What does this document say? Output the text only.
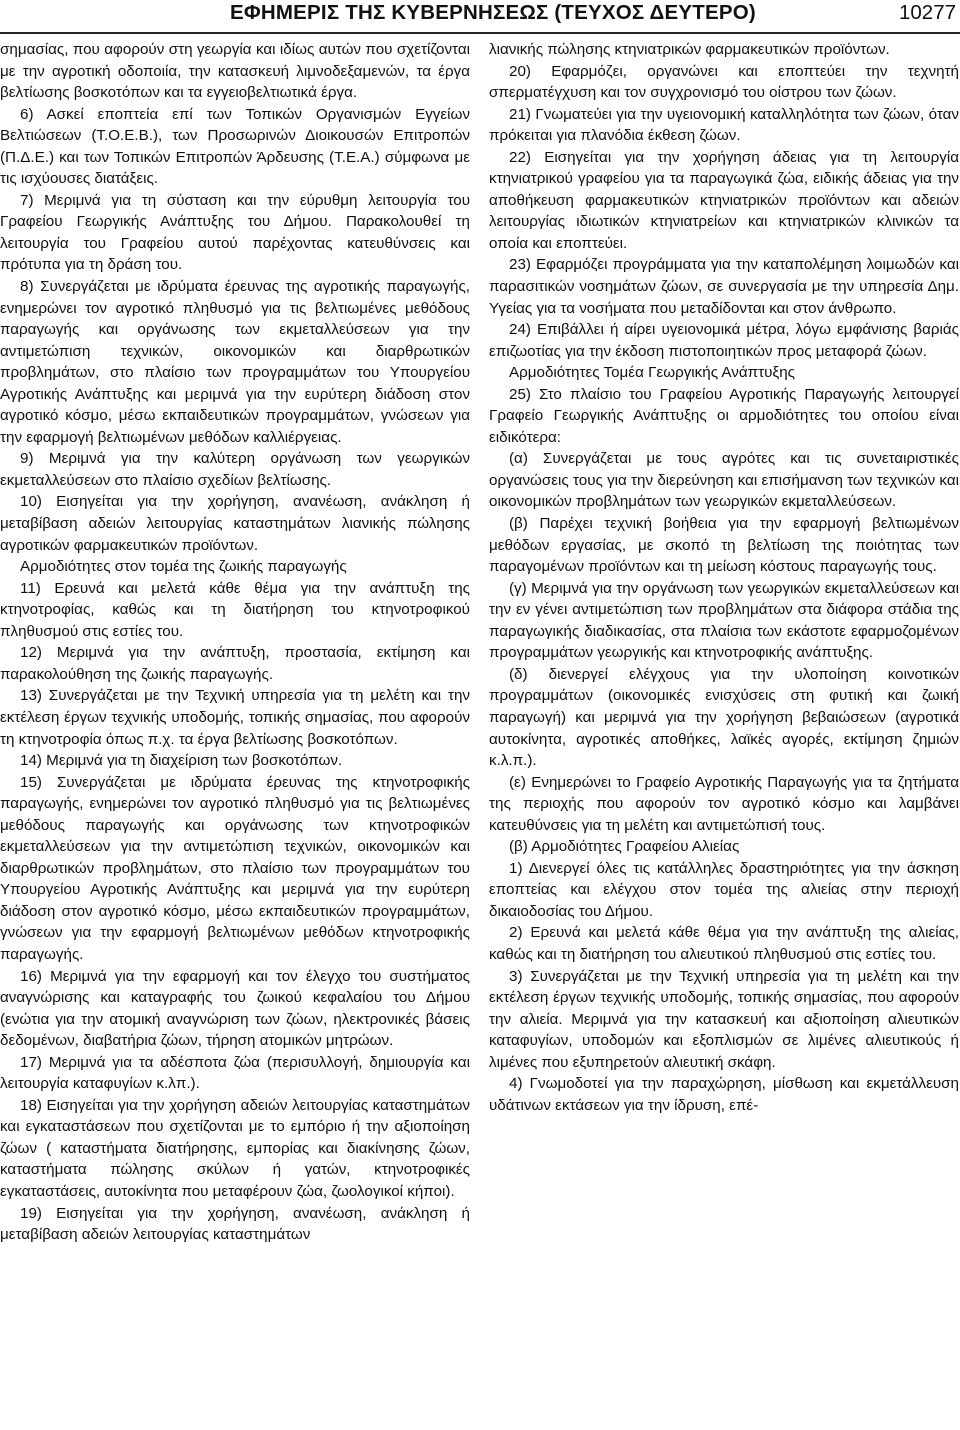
ΕΦΗΜΕΡΙΣ ΤΗΣ ΚΥΒΕΡΝΗΣΕΩΣ (ΤΕΥΧΟΣ ΔΕΥΤΕΡΟ)	10277

σημασίας, που αφορούν στη γεωργία και ιδίως αυτών που σχετίζονται με την αγροτική οδοποιία, την κατασκευή λιμνοδεξαμενών, τα έργα βελτίωσης βοσκοτόπων και τα εγγειοβελτιωτικά έργα.

6) Ασκεί εποπτεία επί των Τοπικών Οργανισμών Εγγείων Βελτιώσεων (Τ.Ο.Ε.Β.), των Προσωρινών Διοικουσών Επιτροπών (Π.Δ.Ε.) και των Τοπικών Επιτροπών Άρδευσης (Τ.Ε.Α.) σύμφωνα με τις ισχύουσες διατάξεις.

7) Μεριμνά για τη σύσταση και την εύρυθμη λειτουργία του Γραφείου Γεωργικής Ανάπτυξης του Δήμου. Παρακολουθεί τη λειτουργία του Γραφείου αυτού παρέχοντας κατευθύνσεις και πρότυπα για τη δράση του.

8) Συνεργάζεται με ιδρύματα έρευνας της αγροτικής παραγωγής, ενημερώνει τον αγροτικό πληθυσμό για τις βελτιωμένες μεθόδους παραγωγής και οργάνωσης των εκμεταλλεύσεων για την αντιμετώπιση τεχνικών, οικονομικών και διαρθρωτικών προβλημάτων, στο πλαίσιο των προγραμμάτων του Υπουργείου Αγροτικής Ανάπτυξης και μεριμνά για την ευρύτερη διάδοση στον αγροτικό κόσμο, μέσω εκπαιδευτικών προγραμμάτων, γνώσεων για την εφαρμογή βελτιωμένων μεθόδων καλλιέργειας.

9) Μεριμνά για την καλύτερη οργάνωση των γεωργικών εκμεταλλεύσεων στο πλαίσιο σχεδίων βελτίωσης.

10) Εισηγείται για την χορήγηση, ανανέωση, ανάκληση ή μεταβίβαση αδειών λειτουργίας καταστημάτων λιανικής πώλησης αγροτικών φαρμακευτικών προϊόντων.

Αρμοδιότητες στον τομέα της ζωικής παραγωγής

11) Ερευνά και μελετά κάθε θέμα για την ανάπτυξη της κτηνοτροφίας, καθώς και τη διατήρηση του κτηνοτροφικού πληθυσμού στις εστίες του.

12) Μεριμνά για την ανάπτυξη, προστασία, εκτίμηση και παρακολούθηση της ζωικής παραγωγής.

13) Συνεργάζεται με την Τεχνική υπηρεσία για τη μελέτη και την εκτέλεση έργων τεχνικής υποδομής, τοπικής σημασίας, που αφορούν τη κτηνοτροφία όπως π.χ. τα έργα βελτίωσης βοσκοτόπων.

14) Μεριμνά για τη διαχείριση των βοσκοτόπων.

15) Συνεργάζεται με ιδρύματα έρευνας της κτηνοτροφικής παραγωγής, ενημερώνει τον αγροτικό πληθυσμό για τις βελτιωμένες μεθόδους παραγωγής και οργάνωσης των κτηνοτροφικών εκμεταλλεύσεων για την αντιμετώπιση τεχνικών, οικονομικών και διαρθρωτικών προβλημάτων, στο πλαίσιο των προγραμμάτων του Υπουργείου Αγροτικής Ανάπτυξης και μεριμνά για την ευρύτερη διάδοση στον αγροτικό κόσμο, μέσω εκπαιδευτικών προγραμμάτων, γνώσεων για την εφαρμογή βελτιωμένων μεθόδων κτηνοτροφικής παραγωγής.

16) Μεριμνά για την εφαρμογή και τον έλεγχο του συστήματος αναγνώρισης και καταγραφής του ζωικού κεφαλαίου του Δήμου (ενώτια για την ατομική αναγνώριση των ζώων, ηλεκτρονικές βάσεις δεδομένων, διαβατήρια ζώων, τήρηση ατομικών μητρώων.

17) Μεριμνά για τα αδέσποτα ζώα (περισυλλογή, δημιουργία και λειτουργία καταφυγίων κ.λπ.).

18) Εισηγείται για την χορήγηση αδειών λειτουργίας καταστημάτων και εγκαταστάσεων που σχετίζονται με το εμπόριο ή την αξιοποίηση ζώων ( καταστήματα διατήρησης, εμπορίας και διακίνησης ζώων, καταστήματα πώλησης σκύλων ή γατών, κτηνοτροφικές εγκαταστάσεις, αυτοκίνητα που μεταφέρουν ζώα, ζωολογικοί κήποι).

19) Εισηγείται για την χορήγηση, ανανέωση, ανάκληση ή μεταβίβαση αδειών λειτουργίας καταστημάτων

λιανικής πώλησης κτηνιατρικών φαρμακευτικών προϊόντων.

20) Εφαρμόζει, οργανώνει και εποπτεύει την τεχνητή σπερματέγχυση και τον συγχρονισμό του οίστρου των ζώων.

21) Γνωματεύει για την υγειονομική καταλληλότητα των ζώων, όταν πρόκειται για πλανόδια έκθεση ζώων.

22) Εισηγείται για την χορήγηση άδειας για τη λειτουργία κτηνιατρικού γραφείου για τα παραγωγικά ζώα, ειδικής άδειας για την αποθήκευση φαρμακευτικών κτηνιατρικών προϊόντων και αδειών λειτουργίας ιδιωτικών κτηνιατρείων και κτηνιατρικών κλινικών τα οποία και εποπτεύει.

23) Εφαρμόζει προγράμματα για την καταπολέμηση λοιμωδών και παρασιτικών νοσημάτων ζώων, σε συνεργασία με την υπηρεσία Δημ. Υγείας για τα νοσήματα που μεταδίδονται και στον άνθρωπο.

24) Επιβάλλει ή αίρει υγειονομικά μέτρα, λόγω εμφάνισης βαριάς επιζωοτίας για την έκδοση πιστοποιητικών προς μεταφορά ζώων.

Αρμοδιότητες Τομέα Γεωργικής Ανάπτυξης

25) Στο πλαίσιο του Γραφείου Αγροτικής Παραγωγής λειτουργεί Γραφείο Γεωργικής Ανάπτυξης οι αρμοδιότητες του οποίου είναι ειδικότερα:

(α) Συνεργάζεται με τους αγρότες και τις συνεταιριστικές οργανώσεις τους για την διερεύνηση και επισήμανση των τεχνικών και οικονομικών προβλημάτων των γεωργικών εκμεταλλεύσεων.

(β) Παρέχει τεχνική βοήθεια για την εφαρμογή βελτιωμένων μεθόδων εργασίας, με σκοπό τη βελτίωση της ποιότητας των παραγομένων προϊόντων και τη μείωση κόστους παραγωγής τους.

(γ) Μεριμνά για την οργάνωση των γεωργικών εκμεταλλεύσεων και την εν γένει αντιμετώπιση των προβλημάτων στα διάφορα στάδια της παραγωγικής διαδικασίας, στα πλαίσια των εκάστοτε εφαρμοζομένων προγραμμάτων γεωργικής και κτηνοτροφικής ανάπτυξης.

(δ) διενεργεί ελέγχους για την υλοποίηση κοινοτικών προγραμμάτων (οικονομικές ενισχύσεις στη φυτική και ζωική παραγωγή) και μεριμνά για την χορήγηση βεβαιώσεων (αγροτικά αυτοκίνητα, αγροτικές αποθήκες, λαϊκές αγορές, εκτίμηση ζημιών κ.λ.π.).

(ε) Ενημερώνει το Γραφείο Αγροτικής Παραγωγής για τα ζητήματα της περιοχής που αφορούν τον αγροτικό κόσμο και λαμβάνει κατευθύνσεις για τη μελέτη και αντιμετώπισή τους.

(β) Αρμοδιότητες Γραφείου Αλιείας

1) Διενεργεί όλες τις κατάλληλες δραστηριότητες για την άσκηση εποπτείας και ελέγχου στον τομέα της αλιείας στην περιοχή δικαιοδοσίας του Δήμου.

2) Ερευνά και μελετά κάθε θέμα για την ανάπτυξη της αλιείας, καθώς και τη διατήρηση του αλιευτικού πληθυσμού στις εστίες του.

3) Συνεργάζεται με την Τεχνική υπηρεσία για τη μελέτη και την εκτέλεση έργων τεχνικής υποδομής, τοπικής σημασίας, που αφορούν την αλιεία. Μεριμνά για την κατασκευή και αξιοποίηση αλιευτικών καταφυγίων, υποδομών και εξοπλισμών σε λιμένες αλιευτικούς ή λιμένες που εξυπηρετούν αλιευτική σκάφη.

4) Γνωμοδοτεί για την παραχώρηση, μίσθωση και εκμετάλλευση υδάτινων εκτάσεων για την ίδρυση, επέ-
